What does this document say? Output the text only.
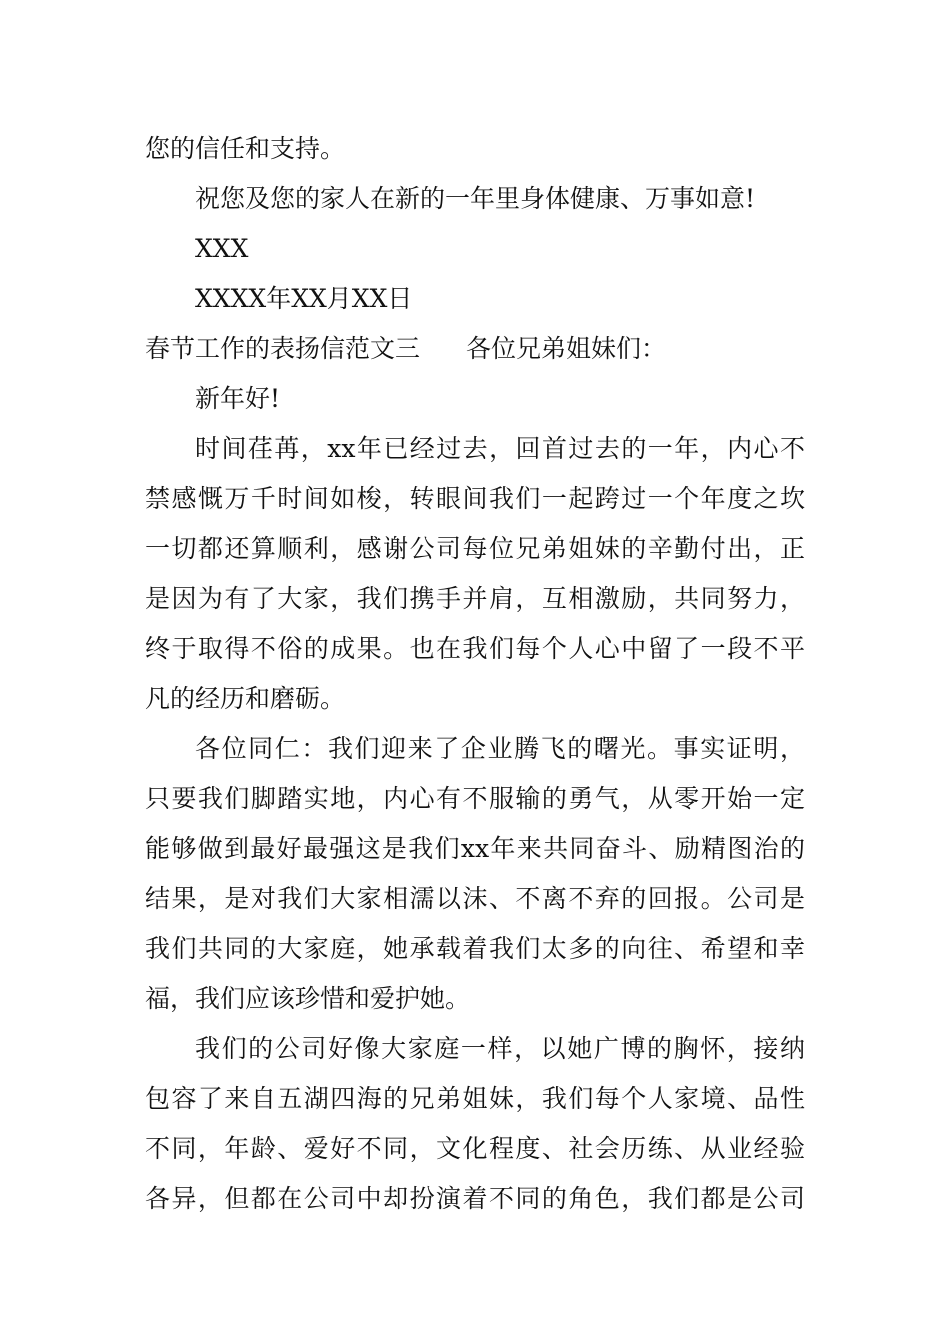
您的信任和支持。
祝您及您的家人在新的一年里身体健康、万事如意!
XXX
XXXX年XX月XX日
春节工作的表扬信范文三 各位兄弟姐妹们：
新年好!
时间荏苒，xx年已经过去，回首过去的一年，内心不
禁感慨万千时间如梭，转眼间我们一起跨过一个年度之坎
一切都还算顺利，感谢公司每位兄弟姐妹的辛勤付出，正
是因为有了大家，我们携手并肩，互相激励，共同努力，
终于取得不俗的成果。也在我们每个人心中留了一段不平
凡的经历和磨砺。
各位同仁：我们迎来了企业腾飞的曙光。事实证明，
只要我们脚踏实地，内心有不服输的勇气，从零开始一定
能够做到最好最强这是我们xx年来共同奋斗、励精图治的
结果，是对我们大家相濡以沫、不离不弃的回报。公司是
我们共同的大家庭，她承载着我们太多的向往、希望和幸
福，我们应该珍惜和爱护她。
我们的公司好像大家庭一样，以她广博的胸怀，接纳
包容了来自五湖四海的兄弟姐妹，我们每个人家境、品性
不同，年龄、爱好不同，文化程度、社会历练、从业经验
各异，但都在公司中却扮演着不同的角色，我们都是公司
